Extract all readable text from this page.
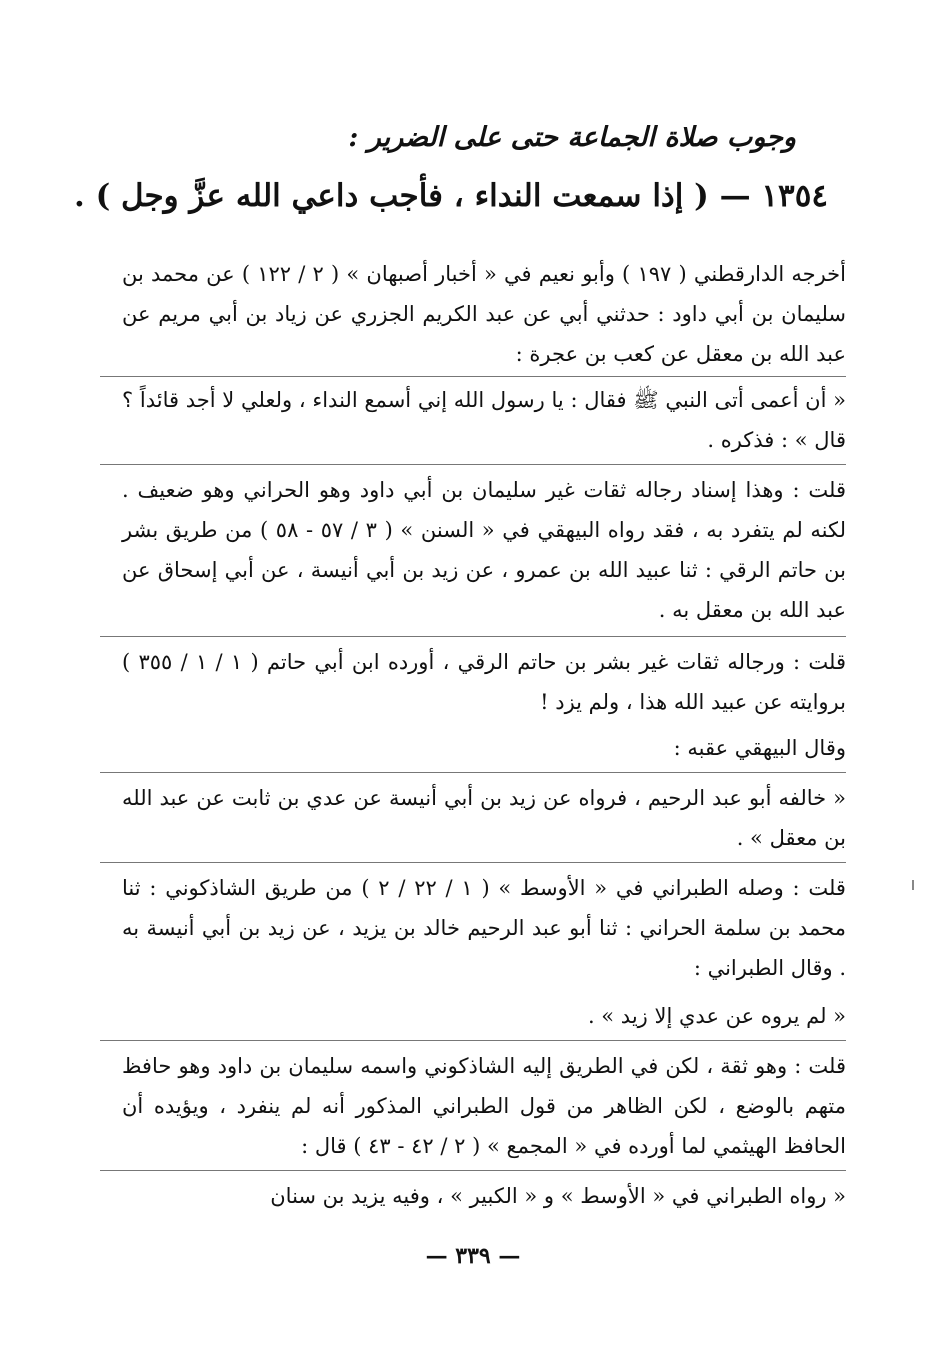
وجوب صلاة الجماعة حتى على الضرير :
١٣٥٤ — ( إذا سمعت النداء ، فأجب داعي الله عزَّ وجل ) .
أخرجه الدارقطني ( ١٩٧ ) وأبو نعيم في « أخبار أصبهان » ( ٢ / ١٢٢ ) عن محمد بن سليمان بن أبي داود : حدثني أبي عن عبد الكريم الجزري عن زياد بن أبي مريم عن عبد الله بن معقل عن كعب بن عجرة :
« أن أعمى أتى النبي ﷺ فقال : يا رسول الله إني أسمع النداء ، ولعلي لا أجد قائداً ؟ قال » : فذكره .
قلت : وهذا إسناد رجاله ثقات غير سليمان بن أبي داود وهو الحراني وهو ضعيف . لكنه لم يتفرد به ، فقد رواه البيهقي في « السنن » ( ٣ / ٥٧ - ٥٨ ) من طريق بشر بن حاتم الرقي : ثنا عبيد الله بن عمرو ، عن زيد بن أبي أنيسة ، عن أبي إسحاق عن عبد الله بن معقل به .
قلت : ورجاله ثقات غير بشر بن حاتم الرقي ، أورده ابن أبي حاتم ( ١ / ١ / ٣٥٥ ) بروايته عن عبيد الله هذا ، ولم يزد !
وقال البيهقي عقبه :
« خالفه أبو عبد الرحيم ، فرواه عن زيد بن أبي أنيسة عن عدي بن ثابت عن عبد الله بن معقل » .
قلت : وصله الطبراني في « الأوسط » ( ١ / ٢٢ / ٢ ) من طريق الشاذكوني : ثنا محمد بن سلمة الحراني : ثنا أبو عبد الرحيم خالد بن يزيد ، عن زيد بن أبي أنيسة به . وقال الطبراني :
« لم يروه عن عدي إلا زيد » .
قلت : وهو ثقة ، لكن في الطريق إليه الشاذكوني واسمه سليمان بن داود وهو حافظ متهم بالوضع ، لكن الظاهر من قول الطبراني المذكور أنه لم ينفرد ، ويؤيده أن الحافظ الهيثمي لما أورده في « المجمع » ( ٢ / ٤٢ - ٤٣ ) قال :
« رواه الطبراني في « الأوسط » و « الكبير » ، وفيه يزيد بن سنان
— ٣٣٩ —
